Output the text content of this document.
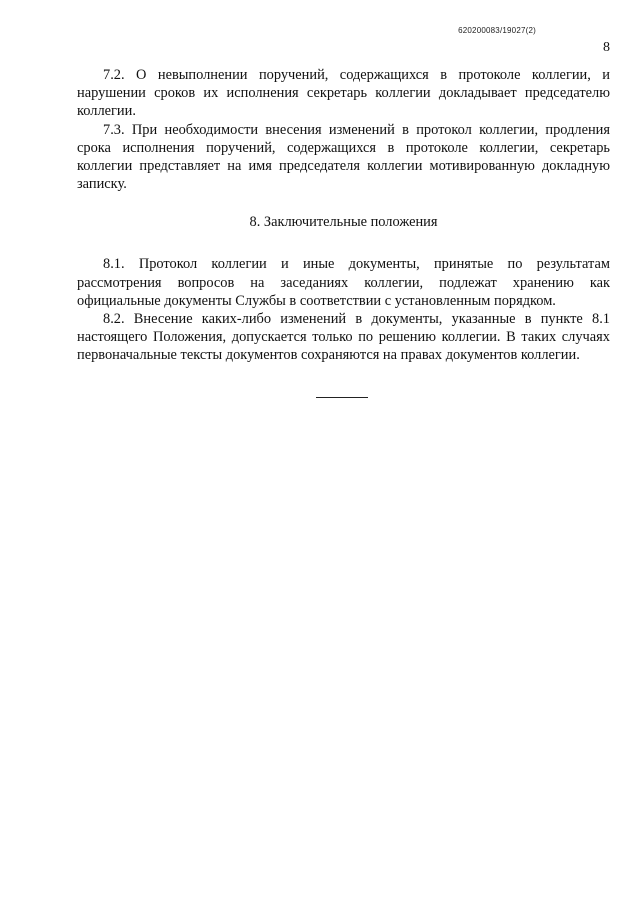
620200083/19027(2)
8

7.2. О невыполнении поручений, содержащихся в протоколе коллегии, и нарушении сроков их исполнения секретарь коллегии докладывает председателю коллегии.

7.3. При необходимости внесения изменений в протокол коллегии, продления срока исполнения поручений, содержащихся в протоколе коллегии, секретарь коллегии представляет на имя председателя коллегии мотивированную докладную записку.

8. Заключительные положения

8.1. Протокол коллегии и иные документы, принятые по результатам рассмотрения вопросов на заседаниях коллегии, подлежат хранению как официальные документы Службы в соответствии с установленным порядком.

8.2. Внесение каких-либо изменений в документы, указанные в пункте 8.1 настоящего Положения, допускается только по решению коллегии. В таких случаях первоначальные тексты документов сохраняются на правах документов коллегии.
